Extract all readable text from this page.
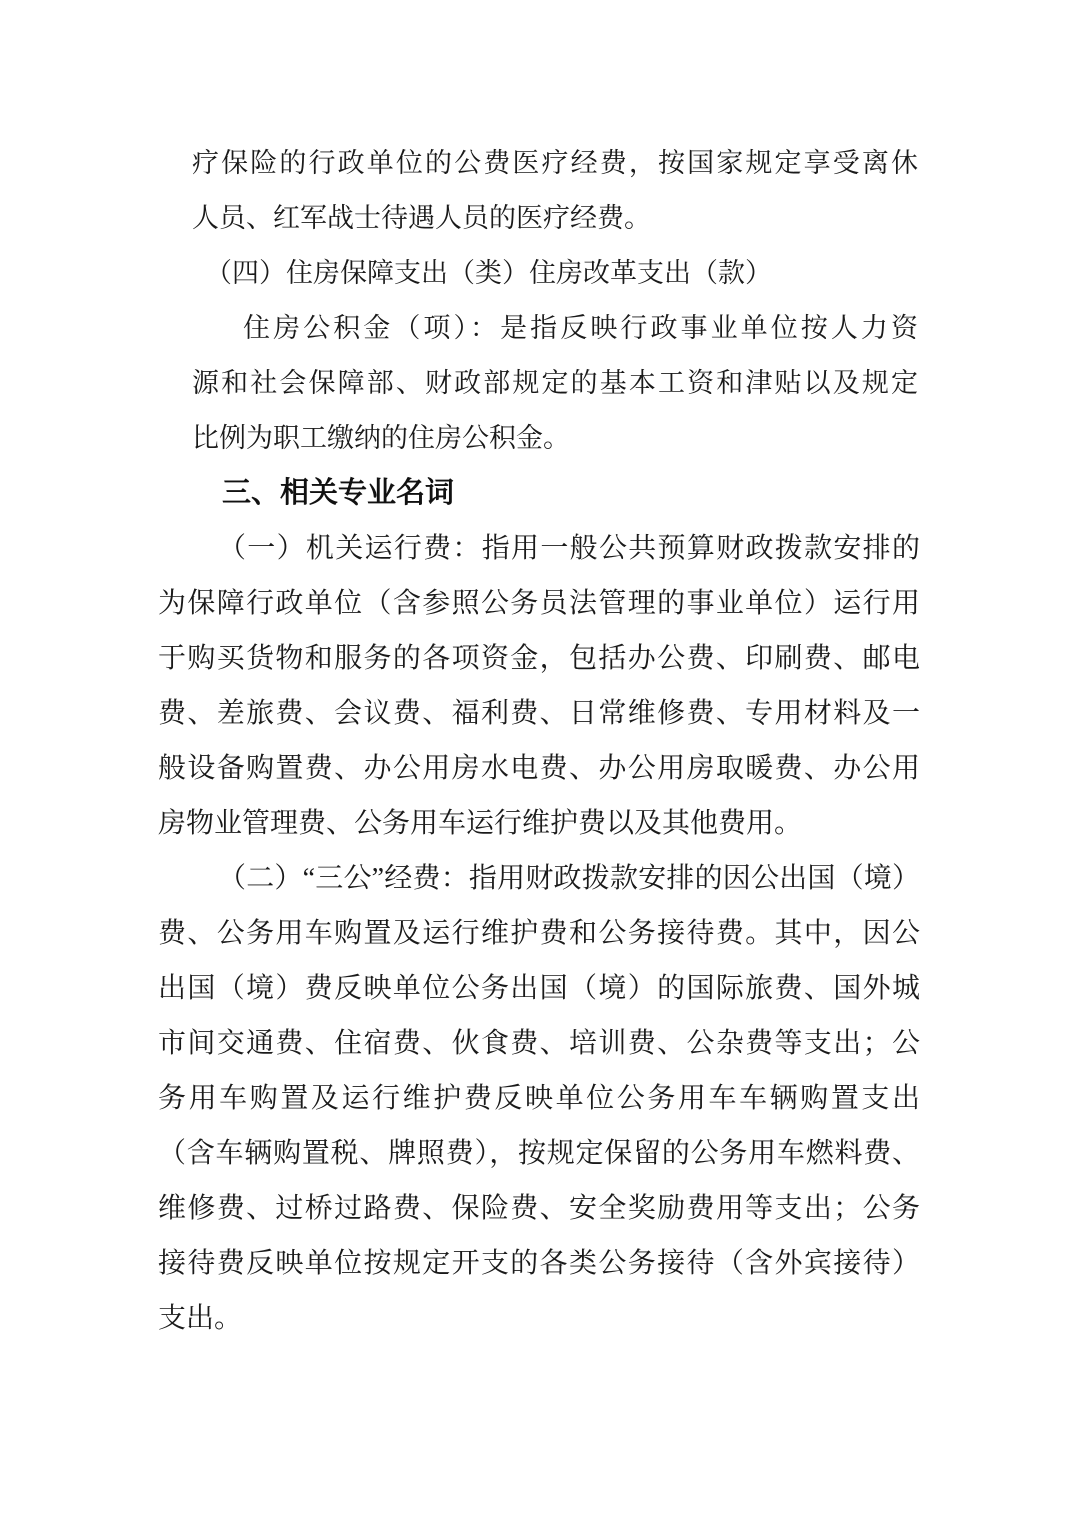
疗保险的行政单位的公费医疗经费，按国家规定享受离休
人员、红军战士待遇人员的医疗经费。
（四）住房保障支出（类）住房改革支出（款）
住房公积金（项）：是指反映行政事业单位按人力资
源和社会保障部、财政部规定的基本工资和津贴以及规定
比例为职工缴纳的住房公积金。
三、相关专业名词
（一）机关运行费：指用一般公共预算财政拨款安排的
为保障行政单位（含参照公务员法管理的事业单位）运行用
于购买货物和服务的各项资金，包括办公费、印刷费、邮电
费、差旅费、会议费、福利费、日常维修费、专用材料及一
般设备购置费、办公用房水电费、办公用房取暖费、办公用
房物业管理费、公务用车运行维护费以及其他费用。
（二）“三公”经费：指用财政拨款安排的因公出国（境）
费、公务用车购置及运行维护费和公务接待费。其中，因公
出国（境）费反映单位公务出国（境）的国际旅费、国外城
市间交通费、住宿费、伙食费、培训费、公杂费等支出；公
务用车购置及运行维护费反映单位公务用车车辆购置支出
（含车辆购置税、牌照费），按规定保留的公务用车燃料费、
维修费、过桥过路费、保险费、安全奖励费用等支出；公务
接待费反映单位按规定开支的各类公务接待（含外宾接待）
支出。
